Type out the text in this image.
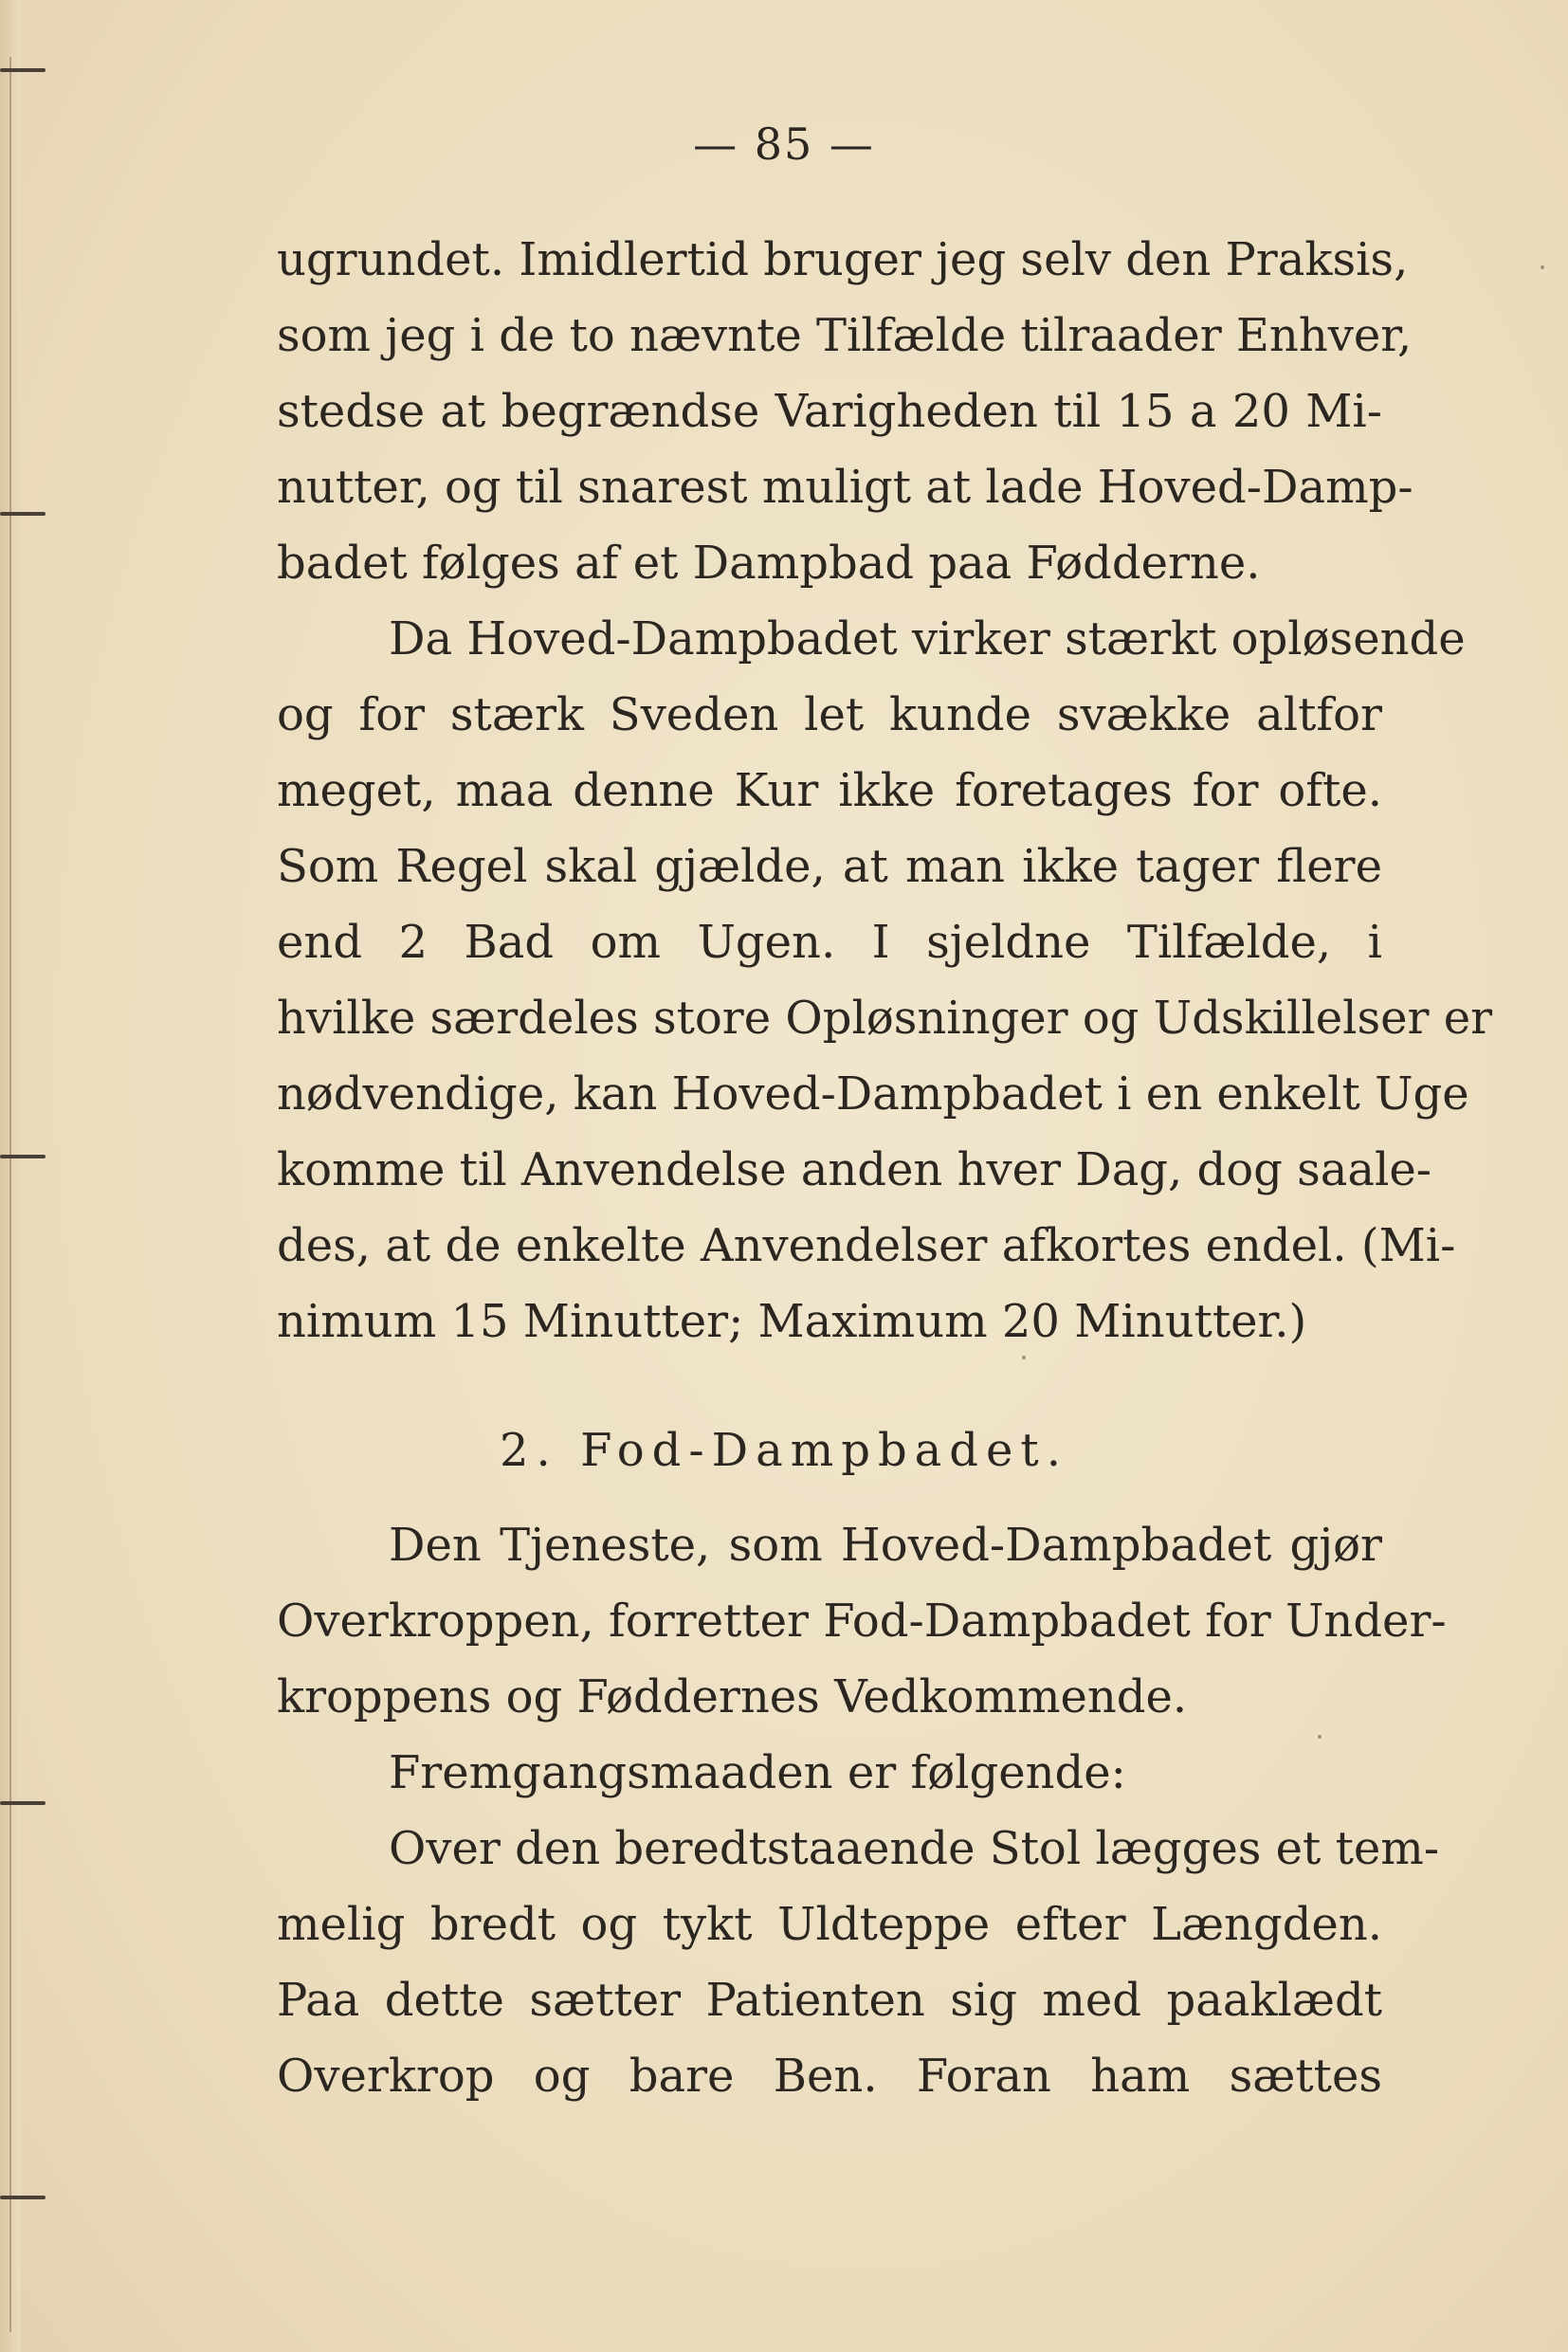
— 85 —

ugrundet. Imidlertid bruger jeg selv den Praksis,

som jeg i de to nævnte Tilfælde tilraader Enhver,

stedse at begrændse Varigheden til 15 a 20 Mi-

nutter, og til snarest muligt at lade Hoved-Damp-

badet følges af et Dampbad paa Fødderne.

Da Hoved-Dampbadet virker stærkt opløsende

og for stærk Sveden let kunde svække altfor

meget, maa denne Kur ikke foretages for ofte.

Som Regel skal gjælde, at man ikke tager flere

end 2 Bad om Ugen. I sjeldne Tilfælde, i

hvilke særdeles store Opløsninger og Udskillelser er

nødvendige, kan Hoved-Dampbadet i en enkelt Uge

komme til Anvendelse anden hver Dag, dog saale-

des, at de enkelte Anvendelser afkortes endel. (Mi-

nimum 15 Minutter; Maximum 20 Minutter.)

2. Fod-Dampbadet.

Den Tjeneste, som Hoved-Dampbadet gjør

Overkroppen, forretter Fod-Dampbadet for Under-

kroppens og Føddernes Vedkommende.

Fremgangsmaaden er følgende:

Over den beredtstaaende Stol lægges et tem-

melig bredt og tykt Uldteppe efter Længden.

Paa dette sætter Patienten sig med paaklædt

Overkrop og bare Ben. Foran ham sættes
